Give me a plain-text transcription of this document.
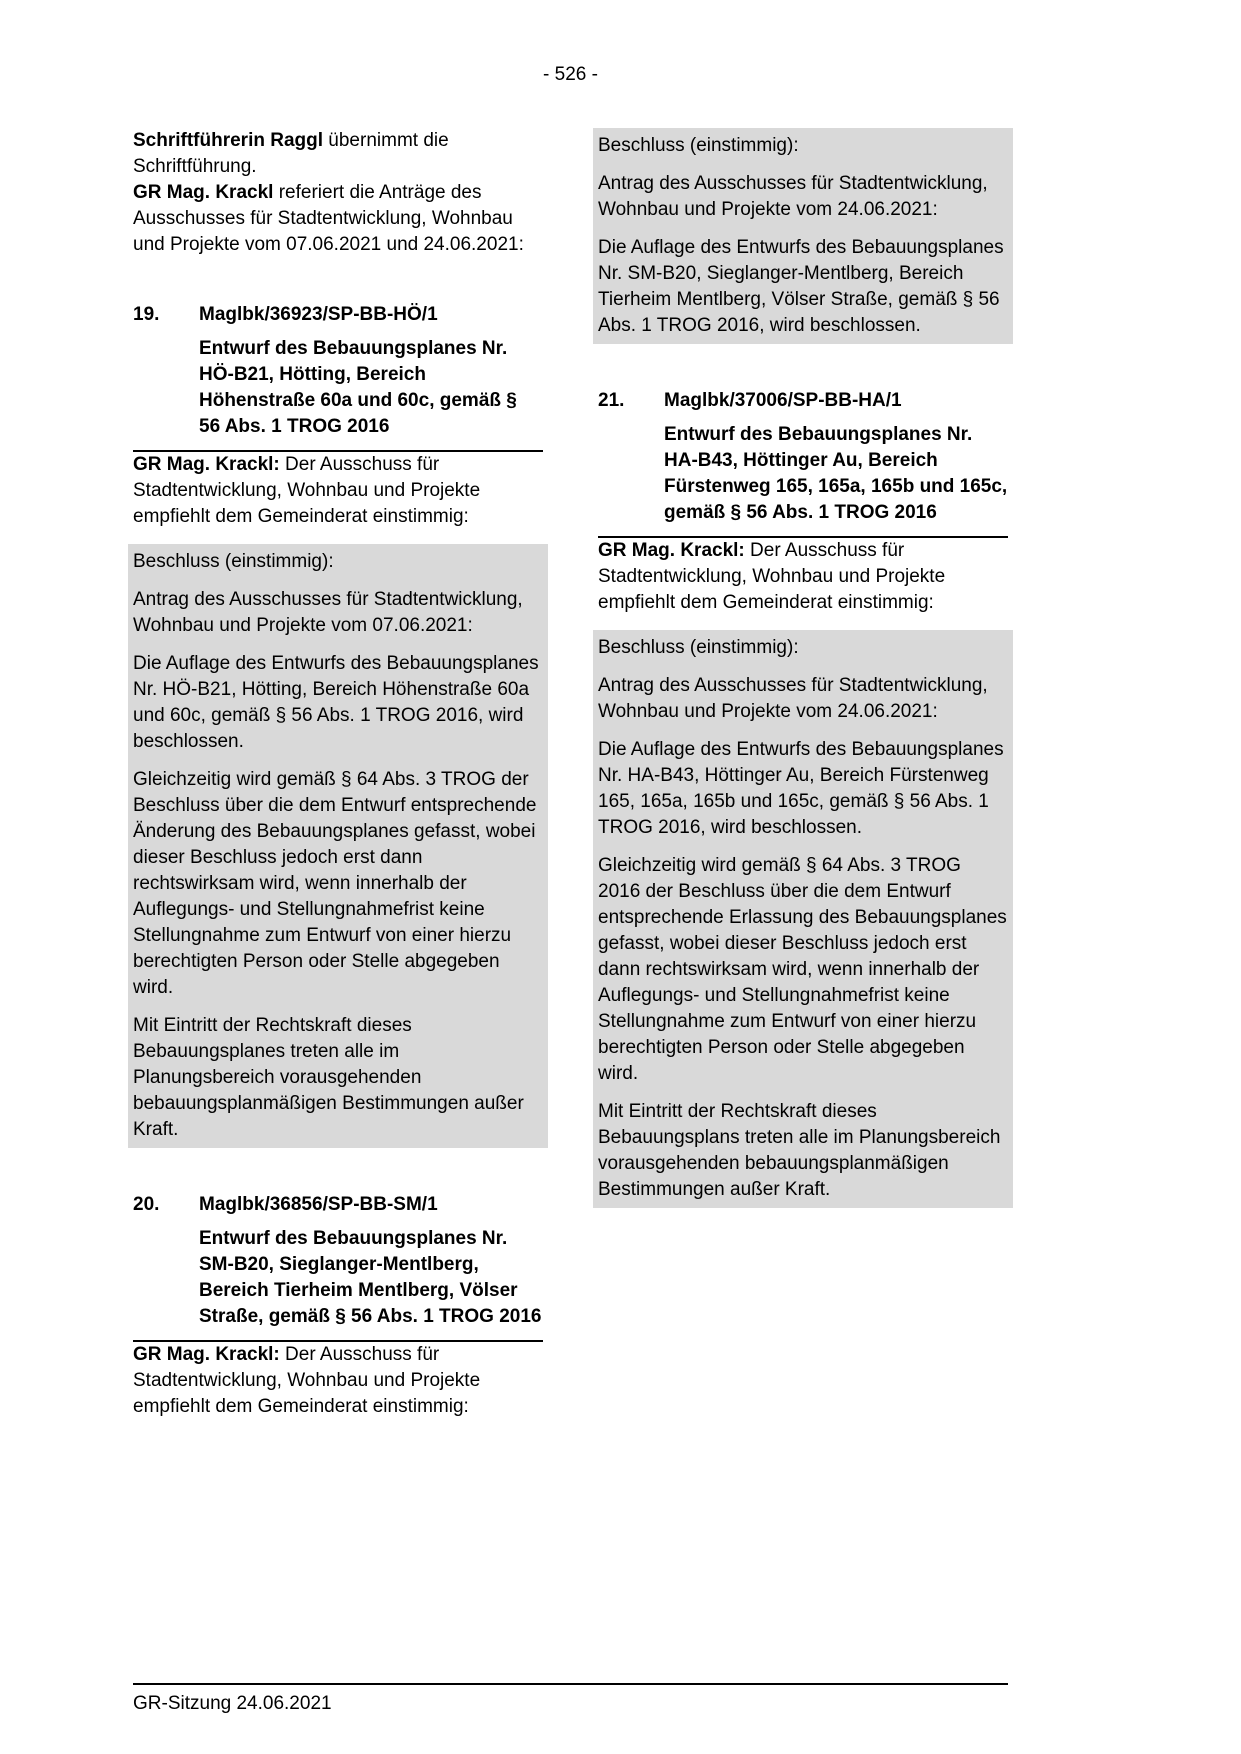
- 526 -

Schriftführerin Raggl übernimmt die Schriftführung.

GR Mag. Krackl referiert die Anträge des Ausschusses für Stadtentwicklung, Wohnbau und Projekte vom 07.06.2021 und 24.06.2021:

19.	Maglbk/36923/SP-BB-HÖ/1
Entwurf des Bebauungsplanes Nr. HÖ-B21, Hötting, Bereich Höhenstraße 60a und 60c, gemäß § 56 Abs. 1 TROG 2016

GR Mag. Krackl: Der Ausschuss für Stadtentwicklung, Wohnbau und Projekte empfiehlt dem Gemeinderat einstimmig:

Beschluss (einstimmig):

Antrag des Ausschusses für Stadtentwicklung, Wohnbau und Projekte vom 07.06.2021:

Die Auflage des Entwurfs des Bebauungsplanes Nr. HÖ-B21, Hötting, Bereich Höhenstraße 60a und 60c, gemäß § 56 Abs. 1 TROG 2016, wird beschlossen.

Gleichzeitig wird gemäß § 64 Abs. 3 TROG der Beschluss über die dem Entwurf entsprechende Änderung des Bebauungsplanes gefasst, wobei dieser Beschluss jedoch erst dann rechtswirksam wird, wenn innerhalb der Auflegungs- und Stellungnahmefrist keine Stellungnahme zum Entwurf von einer hierzu berechtigten Person oder Stelle abgegeben wird.

Mit Eintritt der Rechtskraft dieses Bebauungsplanes treten alle im Planungsbereich vorausgehenden bebauungsplanmäßigen Bestimmungen außer Kraft.

20.	Maglbk/36856/SP-BB-SM/1
Entwurf des Bebauungsplanes Nr. SM-B20, Sieglanger-Mentlberg, Bereich Tierheim Mentlberg, Völser Straße, gemäß § 56 Abs. 1 TROG 2016

GR Mag. Krackl: Der Ausschuss für Stadtentwicklung, Wohnbau und Projekte empfiehlt dem Gemeinderat einstimmig:

Beschluss (einstimmig):

Antrag des Ausschusses für Stadtentwicklung, Wohnbau und Projekte vom 24.06.2021:

Die Auflage des Entwurfs des Bebauungsplanes Nr. SM-B20, Sieglanger-Mentlberg, Bereich Tierheim Mentlberg, Völser Straße, gemäß § 56 Abs. 1 TROG 2016, wird beschlossen.

21.	Maglbk/37006/SP-BB-HA/1
Entwurf des Bebauungsplanes Nr. HA-B43, Höttinger Au, Bereich Fürstenweg 165, 165a, 165b und 165c, gemäß § 56 Abs. 1 TROG 2016

GR Mag. Krackl: Der Ausschuss für Stadtentwicklung, Wohnbau und Projekte empfiehlt dem Gemeinderat einstimmig:

Beschluss (einstimmig):

Antrag des Ausschusses für Stadtentwicklung, Wohnbau und Projekte vom 24.06.2021:

Die Auflage des Entwurfs des Bebauungsplanes Nr. HA-B43, Höttinger Au, Bereich Fürstenweg 165, 165a, 165b und 165c, gemäß § 56 Abs. 1 TROG 2016, wird beschlossen.

Gleichzeitig wird gemäß § 64 Abs. 3 TROG 2016 der Beschluss über die dem Entwurf entsprechende Erlassung des Bebauungsplanes gefasst, wobei dieser Beschluss jedoch erst dann rechtswirksam wird, wenn innerhalb der Auflegungs- und Stellungnahmefrist keine Stellungnahme zum Entwurf von einer hierzu berechtigten Person oder Stelle abgegeben wird.

Mit Eintritt der Rechtskraft dieses Bebauungsplans treten alle im Planungsbereich vorausgehenden bebauungsplanmäßigen Bestimmungen außer Kraft.

GR-Sitzung 24.06.2021
